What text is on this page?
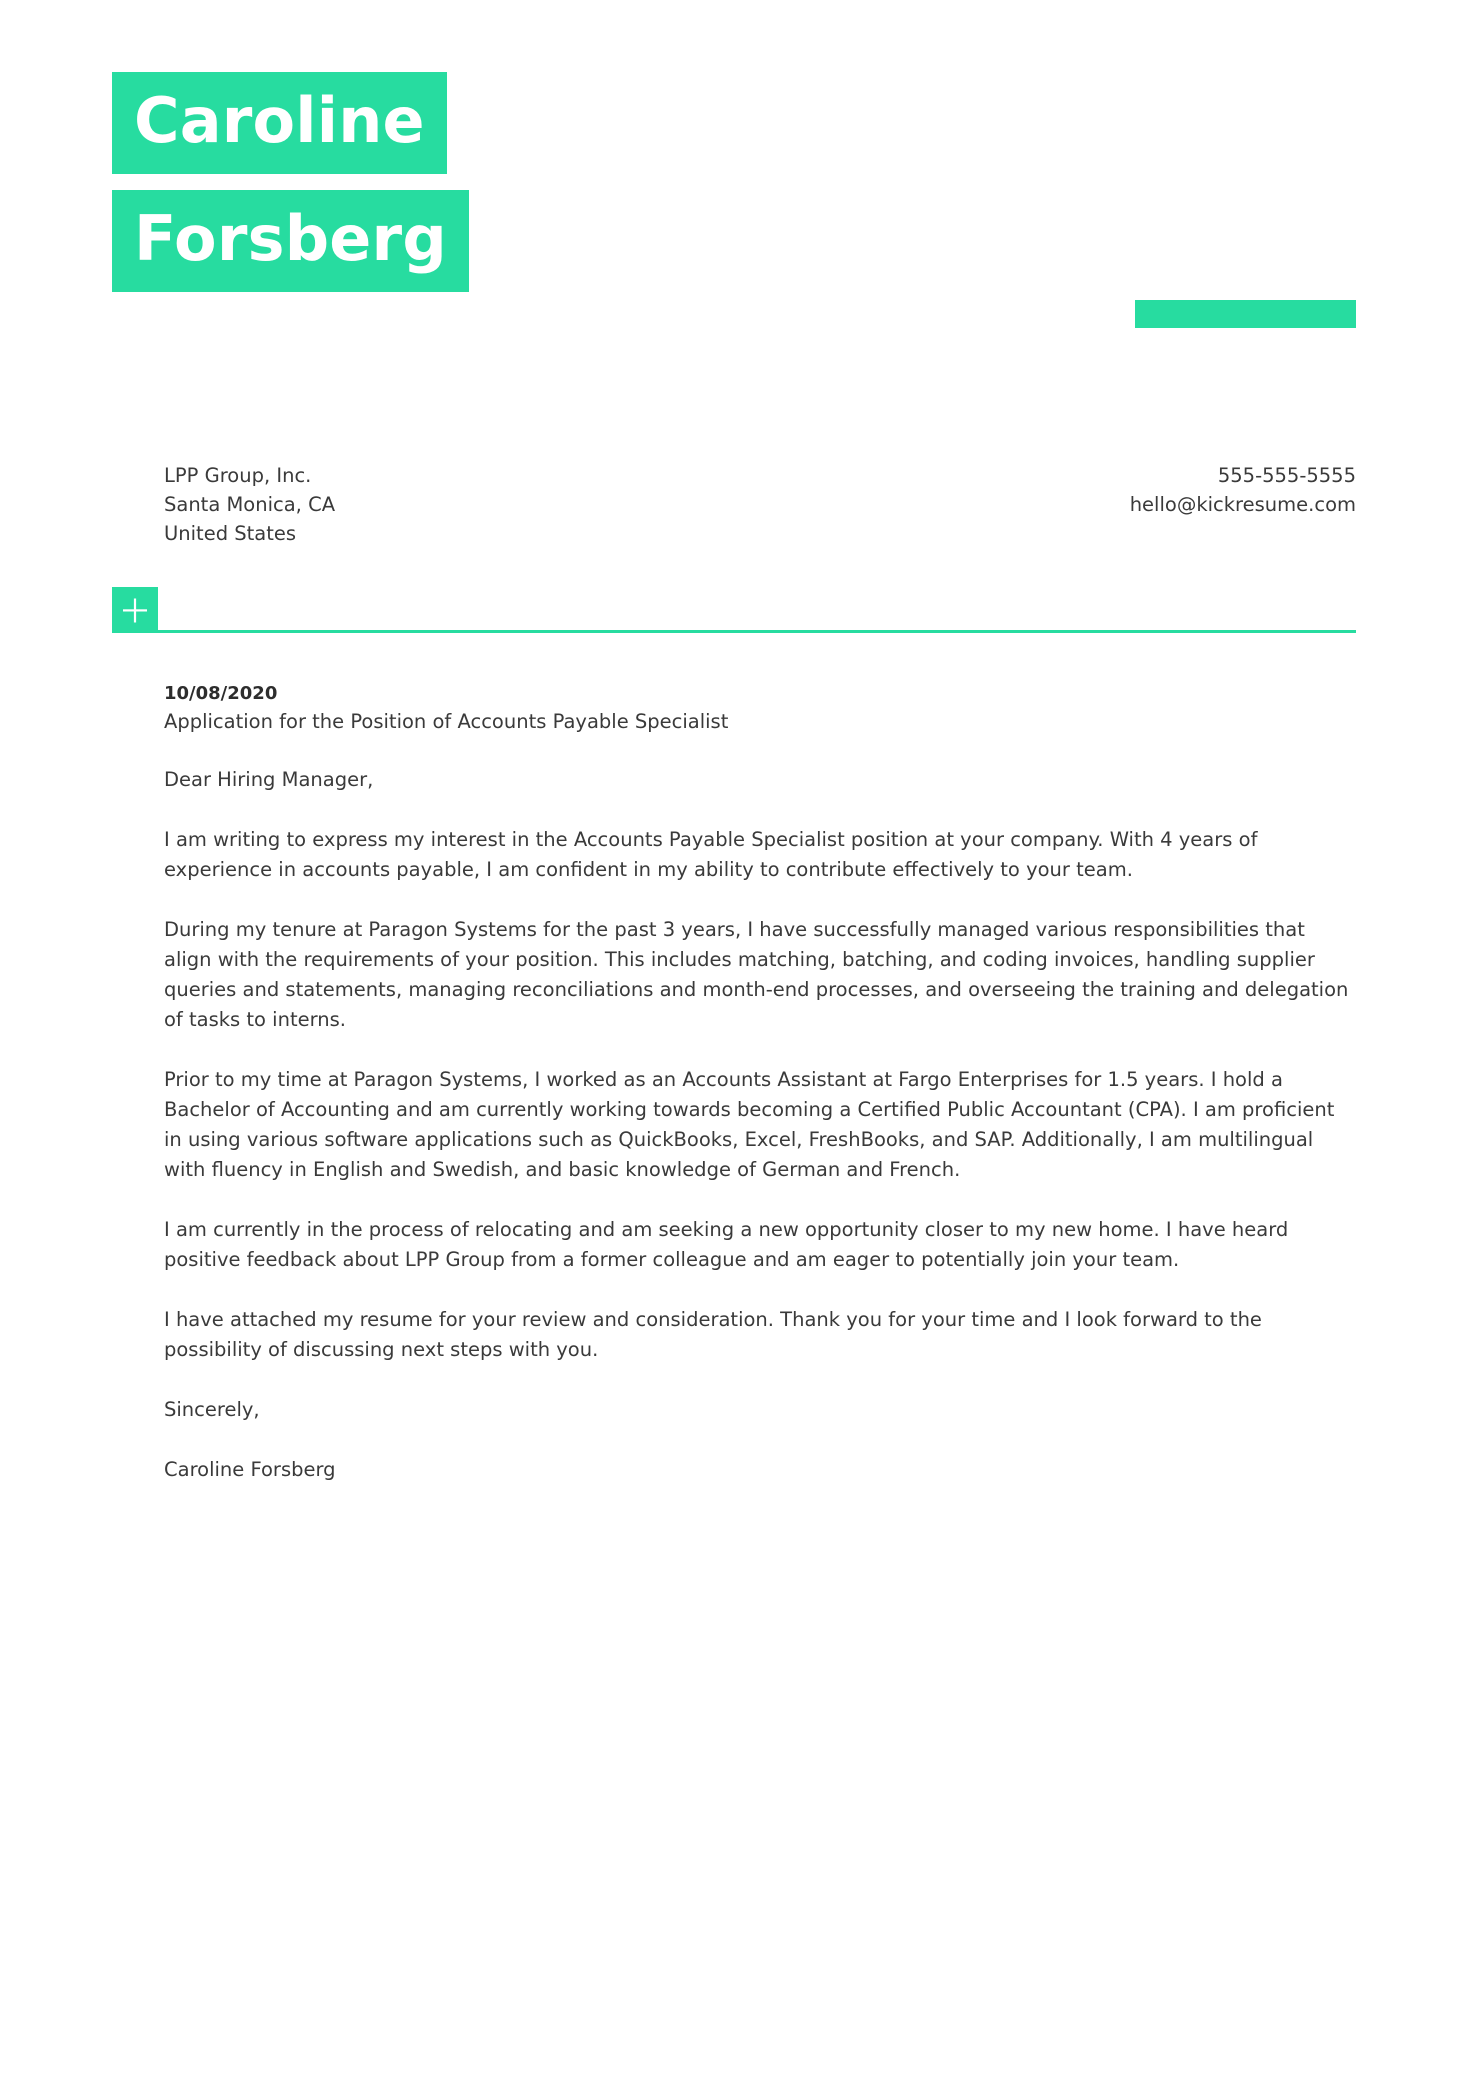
Caroline
Forsberg
LPP Group, Inc.
Santa Monica, CA
United States
555-555-5555
hello@kickresume.com
10/08/2020
Application for the Position of Accounts Payable Specialist

Dear Hiring Manager,

I am writing to express my interest in the Accounts Payable Specialist position at your company. With 4 years of experience in accounts payable, I am confident in my ability to contribute effectively to your team.

During my tenure at Paragon Systems for the past 3 years, I have successfully managed various responsibilities that align with the requirements of your position. This includes matching, batching, and coding invoices, handling supplier queries and statements, managing reconciliations and month-end processes, and overseeing the training and delegation of tasks to interns.

Prior to my time at Paragon Systems, I worked as an Accounts Assistant at Fargo Enterprises for 1.5 years. I hold a Bachelor of Accounting and am currently working towards becoming a Certified Public Accountant (CPA). I am proficient in using various software applications such as QuickBooks, Excel, FreshBooks, and SAP. Additionally, I am multilingual with fluency in English and Swedish, and basic knowledge of German and French.

I am currently in the process of relocating and am seeking a new opportunity closer to my new home. I have heard positive feedback about LPP Group from a former colleague and am eager to potentially join your team.

I have attached my resume for your review and consideration. Thank you for your time and I look forward to the possibility of discussing next steps with you.

Sincerely,

Caroline Forsberg
